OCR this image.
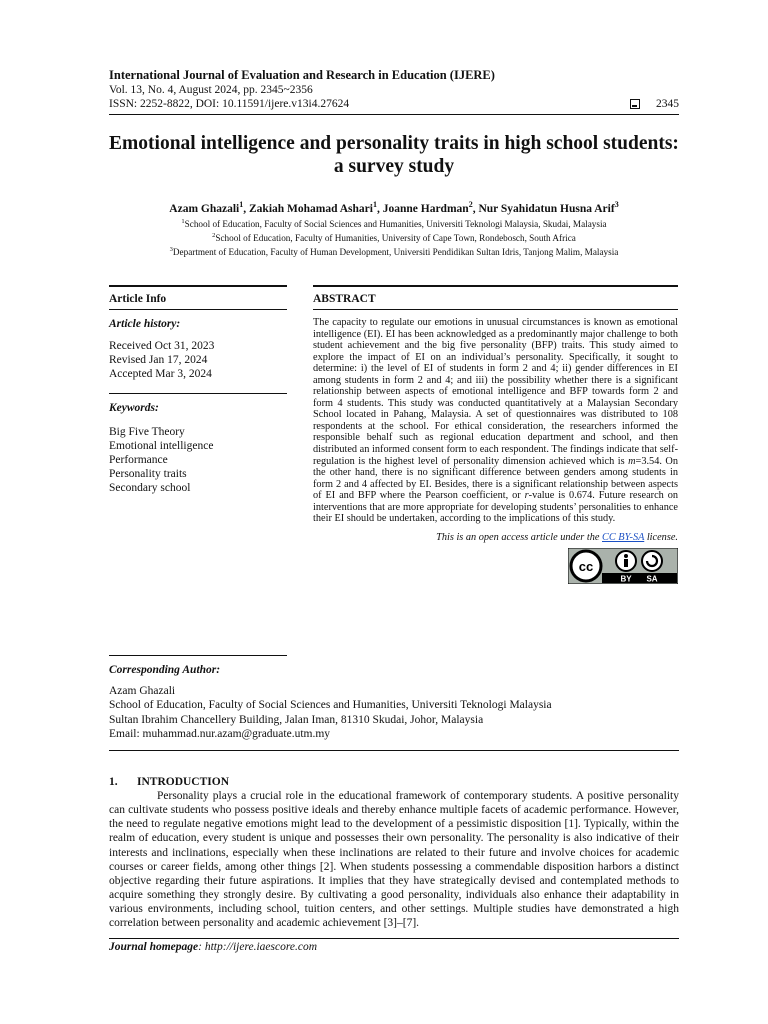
International Journal of Evaluation and Research in Education (IJERE)
Vol. 13, No. 4, August 2024, pp. 2345~2356
ISSN: 2252-8822, DOI: 10.11591/ijere.v13i4.27624	2345
Emotional intelligence and personality traits in high school students: a survey study
Azam Ghazali$^1$, Zakiah Mohamad Ashari$^1$, Joanne Hardman$^2$, Nur Syahidatun Husna Arif$^3$
$^1$School of Education, Faculty of Social Sciences and Humanities, Universiti Teknologi Malaysia, Skudai, Malaysia
$^2$School of Education, Faculty of Humanities, University of Cape Town, Rondebosch, South Africa
$^3$Department of Education, Faculty of Human Development, Universiti Pendidikan Sultan Idris, Tanjong Malim, Malaysia
Article Info
Article history:
Received Oct 31, 2023
Revised Jan 17, 2024
Accepted Mar 3, 2024
Keywords:
Big Five Theory
Emotional intelligence
Performance
Personality traits
Secondary school
ABSTRACT
The capacity to regulate our emotions in unusual circumstances is known as emotional intelligence (EI). EI has been acknowledged as a predominantly major challenge to both student achievement and the big five personality (BFP) traits. This study aimed to explore the impact of EI on an individual’s personality. Specifically, it sought to determine: i) the level of EI of students in form 2 and 4; ii) gender differences in EI among students in form 2 and 4; and iii) the possibility whether there is a significant relationship between aspects of emotional intelligence and BFP towards form 2 and form 4 students. This study was conducted quantitatively at a Malaysian Secondary School located in Pahang, Malaysia. A set of questionnaires was distributed to 108 respondents at the school. For ethical consideration, the researchers informed the responsible behalf such as regional education department and school, and then distributed an informed consent form to each respondent. The findings indicate that self-regulation is the highest level of personality dimension achieved which is m=3.54. On the other hand, there is no significant difference between genders among students in form 2 and 4 affected by EI. Besides, there is a significant relationship between aspects of EI and BFP where the Pearson coefficient, or r-value is 0.674. Future research on interventions that are more appropriate for developing students’ personalities to enhance their EI should be undertaken, according to the implications of this study.
This is an open access article under the CC BY-SA license.
cc
BY SA
Corresponding Author:
Azam Ghazali
School of Education, Faculty of Social Sciences and Humanities, Universiti Teknologi Malaysia
Sultan Ibrahim Chancellery Building, Jalan Iman, 81310 Skudai, Johor, Malaysia
Email: muhammad.nur.azam@graduate.utm.my
1.	INTRODUCTION
Personality plays a crucial role in the educational framework of contemporary students. A positive personality can cultivate students who possess positive ideals and thereby enhance multiple facets of academic performance. However, the need to regulate negative emotions might lead to the development of a pessimistic disposition [1]. Typically, within the realm of education, every student is unique and possesses their own personality. The personality is also indicative of their interests and inclinations, especially when these inclinations are related to their future and involve choices for academic courses or career fields, among other things [2]. When students possessing a commendable disposition harbors a distinct objective regarding their future aspirations. It implies that they have strategically devised and contemplated methods to acquire something they strongly desire. By cultivating a good personality, individuals also enhance their adaptability in various environments, including school, tuition centers, and other settings. Multiple studies have demonstrated a high correlation between personality and academic achievement [3]–[7].
Journal homepage: http://ijere.iaescore.com
